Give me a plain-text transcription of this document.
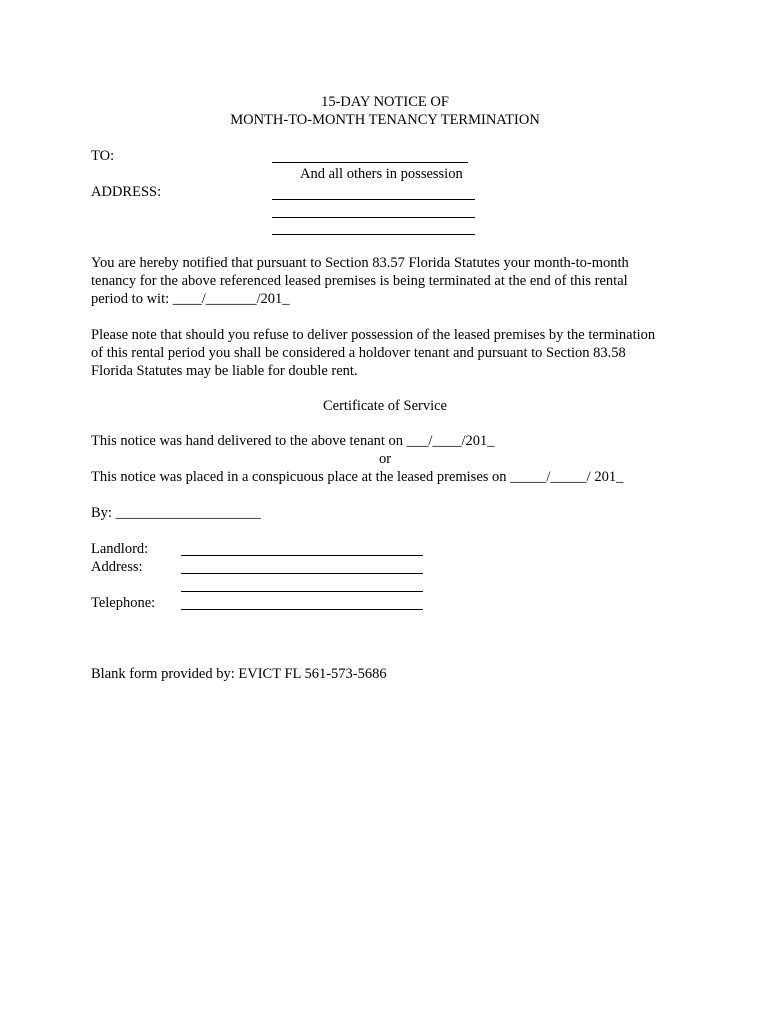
15-DAY NOTICE OF
MONTH-TO-MONTH TENANCY TERMINATION
TO:
And all others in possession
ADDRESS:
You are hereby notified that pursuant to Section 83.57 Florida Statutes your month-to-month
tenancy for the above referenced leased premises is being terminated at the end of this rental
period to wit: ____/_______/201_
Please note that should you refuse to deliver possession of the leased premises by the termination
of this rental period you shall be considered a holdover tenant and pursuant to Section 83.58
Florida Statutes may be liable for double rent.
Certificate of Service
This notice was hand delivered to the above tenant on ___/____/201_
or
This notice was placed in a conspicuous place at the leased premises on _____/_____/ 201_
By: ____________________
Landlord:
Address:
Telephone:
Blank form provided by: EVICT FL 561-573-5686
